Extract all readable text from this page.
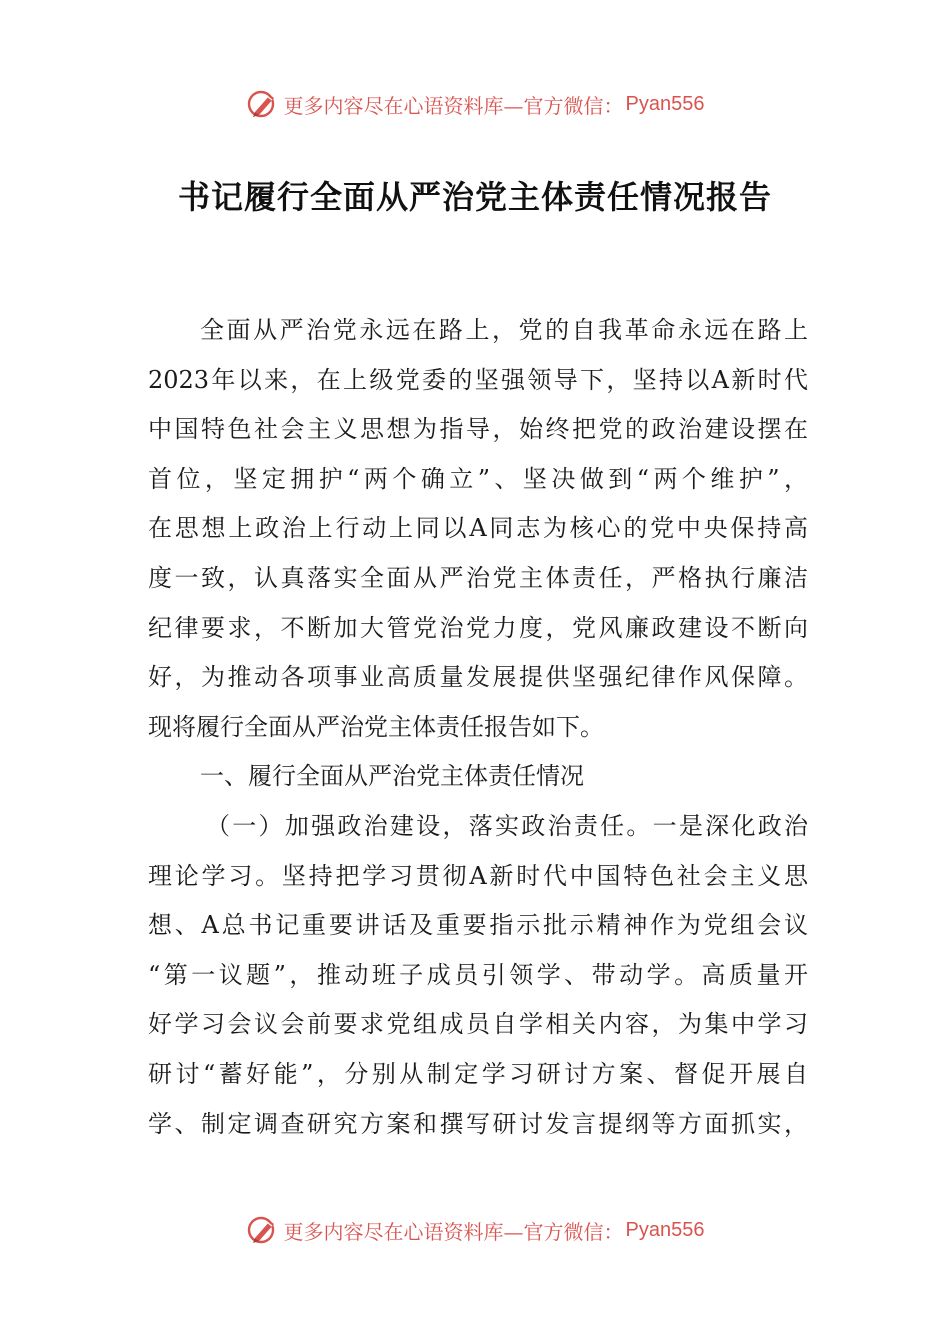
更多内容尽在心语资料库—官方微信： Pyan556
书记履行全面从严治党主体责任情况报告
全面从严治党永远在路上，党的自我革命永远在路上
2023年以来，在上级党委的坚强领导下，坚持以A新时代
中国特色社会主义思想为指导，始终把党的政治建设摆在
首位，坚定拥护“两个确立”、坚决做到“两个维护”，
在思想上政治上行动上同以A同志为核心的党中央保持高
度一致，认真落实全面从严治党主体责任，严格执行廉洁
纪律要求，不断加大管党治党力度，党风廉政建设不断向
好，为推动各项事业高质量发展提供坚强纪律作风保障。
现将履行全面从严治党主体责任报告如下。
一、履行全面从严治党主体责任情况
（一）加强政治建设，落实政治责任。一是深化政治
理论学习。坚持把学习贯彻A新时代中国特色社会主义思
想、A总书记重要讲话及重要指示批示精神作为党组会议
“第一议题”，推动班子成员引领学、带动学。高质量开
好学习会议会前要求党组成员自学相关内容，为集中学习
研讨“蓄好能”，分别从制定学习研讨方案、督促开展自
学、制定调查研究方案和撰写研讨发言提纲等方面抓实，
更多内容尽在心语资料库—官方微信： Pyan556
